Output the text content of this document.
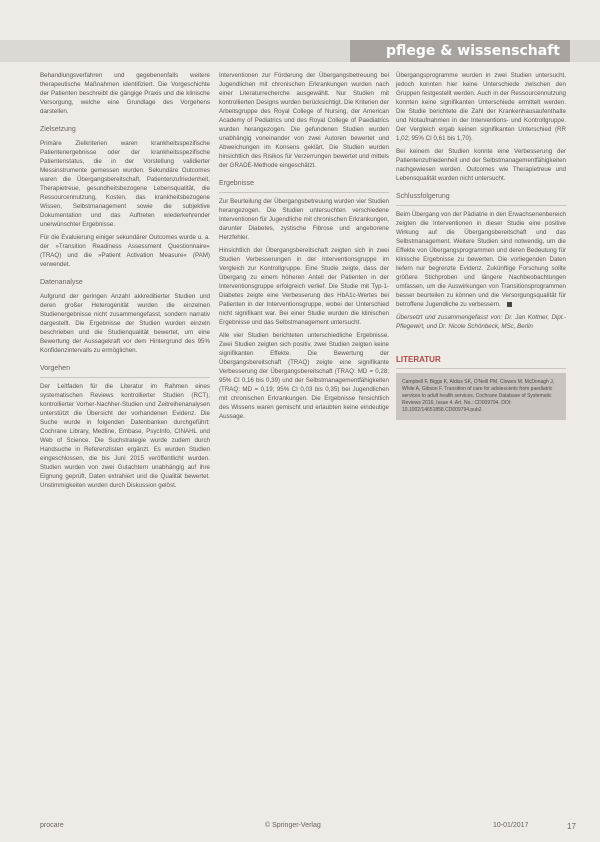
pflege & wissenschaft

Behandlungsverfahren und gegebenenfalls weitere therapeutische Maßnahmen identifiziert. Die Vorgeschichte der Patienten beschreibt die gängige Praxis und die klinische Versorgung, welche eine Grundlage des Vorgehens darstellen.

Zielsetzung

Primäre Zielkriterien waren krankheitsspezifische Patientenergebnisse oder der krankheitsspezifische Patientenstatus, die in der Vorstellung validierter Messinstrumente gemessen wurden. Sekundäre Outcomes waren die Übergangsbereitschaft, Patientenzufriedenheit, Therapietreue, gesundheitsbezogene Lebensqualität, die Ressourcennutzung, Kosten, das krankheitsbezogene Wissen, Selbstmanagement sowie die subjektive Dokumentation und das Auftreten wiederkehrender unerwünschter Ergebnisse.

Für die Evaluierung einiger sekundärer Outcomes wurde u. a. der »Transition Readiness Assessment Questionnaire« (TRAQ) und die »Patient Activation Measure« (PAM) verwendet.

Datenanalyse

Aufgrund der geringen Anzahl akkreditierter Studien und deren großer Heterogenität wurden die einzelnen Studienergebnisse nicht zusammengefasst, sondern narrativ dargestellt. Die Ergebnisse der Studien wurden einzeln beschrieben und die Studienqualität bewertet, um eine Bewertung der Aussagekraft vor dem Hintergrund des 95% Konfidenzintervalls zu ermöglichen.

Vorgehen

Der Leitfaden für die Literatur im Rahmen eines systematischen Reviews kontrollierter Studien (RCT), kontrollierter Vorher-Nachher-Studien und Zeitreihenanalysen unterstützt die Übersicht der vorhandenen Evidenz. Die Suche wurde in folgenden Datenbanken durchgeführt: Cochrane Library, Medline, Embase, PsycInfo, CINAHL und Web of Science. Die Suchstrategie wurde zudem durch Handsuche in Referenzlisten ergänzt. Es wurden Studien eingeschlossen, die bis Juni 2015 veröffentlicht wurden. Studien wurden von zwei Gutachtern unabhängig auf ihre Eignung geprüft, Daten extrahiert und die Qualität bewertet. Unstimmigkeiten wurden durch Diskussion gelöst.

Interventionen zur Förderung der Übergangsbetreuung bei Jugendlichen mit chronischen Erkrankungen wurden nach einer Literaturrecherche ausgewählt. Nur Studien mit kontrollierten Designs wurden berücksichtigt. Die Kriterien der Arbeitsgruppe des Royal College of Nursing, der American Academy of Pediatrics und des Royal College of Paediatrics wurden herangezogen. Die gefundenen Studien wurden unabhängig voneinander von zwei Autoren bewertet und Abweichungen im Konsens geklärt. Die Studien wurden hinsichtlich des Risikos für Verzerrungen bewertet und mittels der GRADE-Methode eingeschätzt.

Ergebnisse

Zur Beurteilung der Übergangsbetreuung wurden vier Studien herangezogen. Die Studien untersuchten verschiedene Interventionen für Jugendliche mit chronischen Erkrankungen, darunter Diabetes, zystische Fibrose und angeborene Herzfehler.

Hinsichtlich der Übergangsbereitschaft zeigten sich in zwei Studien Verbesserungen in der Interventionsgruppe im Vergleich zur Kontrollgruppe. Eine Studie zeigte, dass der Übergang zu einem höheren Anteil der Patienten in der Interventionsgruppe erfolgreich verlief. Die Studie mit Typ-1-Diabetes zeigte eine Verbesserung des HbA1c-Wertes bei Patienten in der Interventionsgruppe, wobei der Unterschied nicht signifikant war. Bei einer Studie wurden die klinischen Ergebnisse und das Selbstmanagement untersucht.

Alle vier Studien berichteten unterschiedliche Ergebnisse. Zwei Studien zeigten sich positiv, zwei Studien zeigten keine signifikanten Effekte. Die Bewertung der Übergangsbereitschaft (TRAQ) zeigte eine signifikante Verbesserung der Übergangsbereitschaft (TRAQ: MD = 0,28; 95% CI 0,16 bis 0,39) und der Selbstmanagementfähigkeiten (TRAQ: MD = 0,19; 95% CI 0,03 bis 0,35) bei Jugendlichen mit chronischen Erkrankungen. Die Ergebnisse hinsichtlich des Wissens waren gemischt und erlaubten keine eindeutige Aussage.

Übergangsprogramme wurden in zwei Studien untersucht, jedoch konnten hier keine Unterschiede zwischen den Gruppen festgestellt werden. Auch in der Ressourcennutzung konnten keine signifikanten Unterschiede ermittelt werden. Die Studie berichtete die Zahl der Krankenhausaufenthalte und Notaufnahmen in der Interventions- und Kontrollgruppe. Der Vergleich ergab keinen signifikanten Unterschied (RR 1,02; 95% CI 0,61 bis 1,70).

Bei keinem der Studien konnte eine Verbesserung der Patientenzufriedenheit und der Selbstmanagementfähigkeiten nachgewiesen werden. Outcomes wie Therapietreue und Lebensqualität wurden nicht untersucht.

Schlussfolgerung

Beim Übergang von der Pädiatrie in den Erwachsenenbereich zeigten die Interventionen in dieser Studie eine positive Wirkung auf die Übergangsbereitschaft und das Selbstmanagement. Weitere Studien sind notwendig, um die Effekte von Übergangsprogrammen und deren Bedeutung für klinische Ergebnisse zu bewerten. Die vorliegenden Daten liefern nur begrenzte Evidenz. Zukünftige Forschung sollte größere Stichproben und längere Nachbeobachtungen umfassen, um die Auswirkungen von Transitionsprogrammen besser beurteilen zu können und die Versorgungsqualität für betroffene Jugendliche zu verbessern.

Übersetzt und zusammengefasst von: Dr. Jan Kottner, Dipl.-Pflegewirt, und Dr. Nicole Schönbeck, MSc, Berlin

LITERATUR
Campbell F, Biggs K, Aldiss SK, O'Neill PM, Clowes M, McDonagh J, While A, Gibson F. Transition of care for adolescents from paediatric services to adult health services. Cochrane Database of Systematic Reviews 2016, Issue 4. Art. No.: CD009794. DOI: 10.1002/14651858.CD009794.pub2
procare	© Springer-Verlag	10-01/2017	17
